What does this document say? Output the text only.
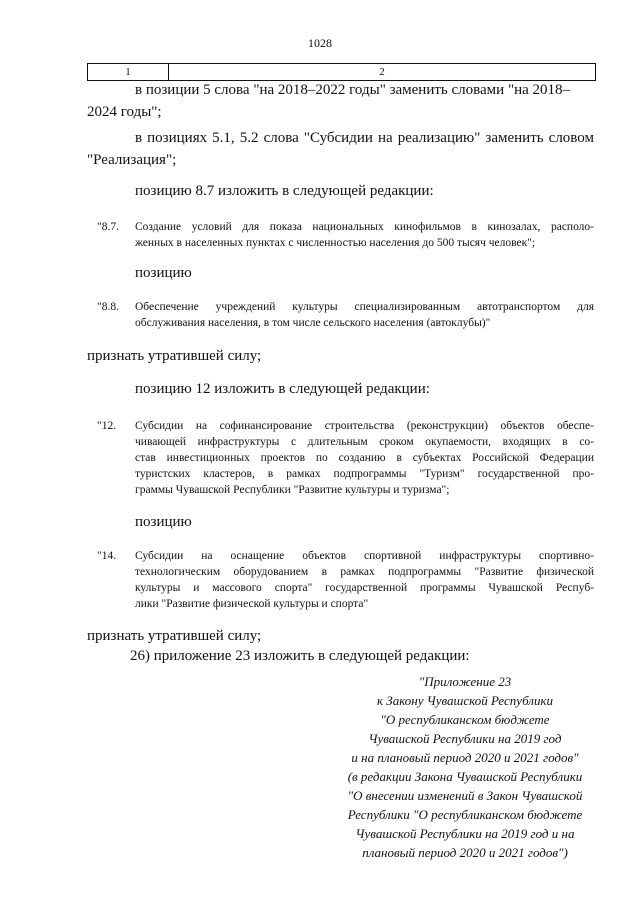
1028
1	2

в позиции 5 слова "на 2018–2022 годы" заменить словами "на 2018–

2024 годы";

в позициях 5.1, 5.2 слова "Субсидии на реализацию" заменить словом

"Реализация";

позицию 8.7 изложить в следующей редакции:

"8.7.	Создание условий для показа национальных кинофильмов в кинозалах, располо-
женных в населенных пунктах с численностью населения до 500 тысяч человек";

позицию

"8.8.	Обеспечение учреждений культуры специализированным автотранспортом для
обслуживания населения, в том числе сельского населения (автоклубы)"

признать утратившей силу;

позицию 12 изложить в следующей редакции:

"12.	Субсидии на софинансирование строительства (реконструкции) объектов обеспе-
чивающей инфраструктуры с длительным сроком окупаемости, входящих в со-
став инвестиционных проектов по созданию в субъектах Российской Федерации
туристских кластеров, в рамках подпрограммы "Туризм" государственной про-
граммы Чувашской Республики "Развитие культуры и туризма";

позицию

"14.	Субсидии на оснащение объектов спортивной инфраструктуры спортивно-
технологическим оборудованием в рамках подпрограммы "Развитие физической
культуры и массового спорта" государственной программы Чувашской Респуб-
лики "Развитие физической культуры и спорта"

признать утратившей силу;

26) приложение 23 изложить в следующей редакции:

"Приложение 23
к Закону Чувашской Республики
"О республиканском бюджете
Чувашской Республики на 2019 год
и на плановый период 2020 и 2021 годов"
(в редакции Закона Чувашской Республики
"О внесении изменений в Закон Чувашской
Республики "О республиканском бюджете
Чувашской Республики на 2019 год и на
плановый период 2020 и 2021 годов")
